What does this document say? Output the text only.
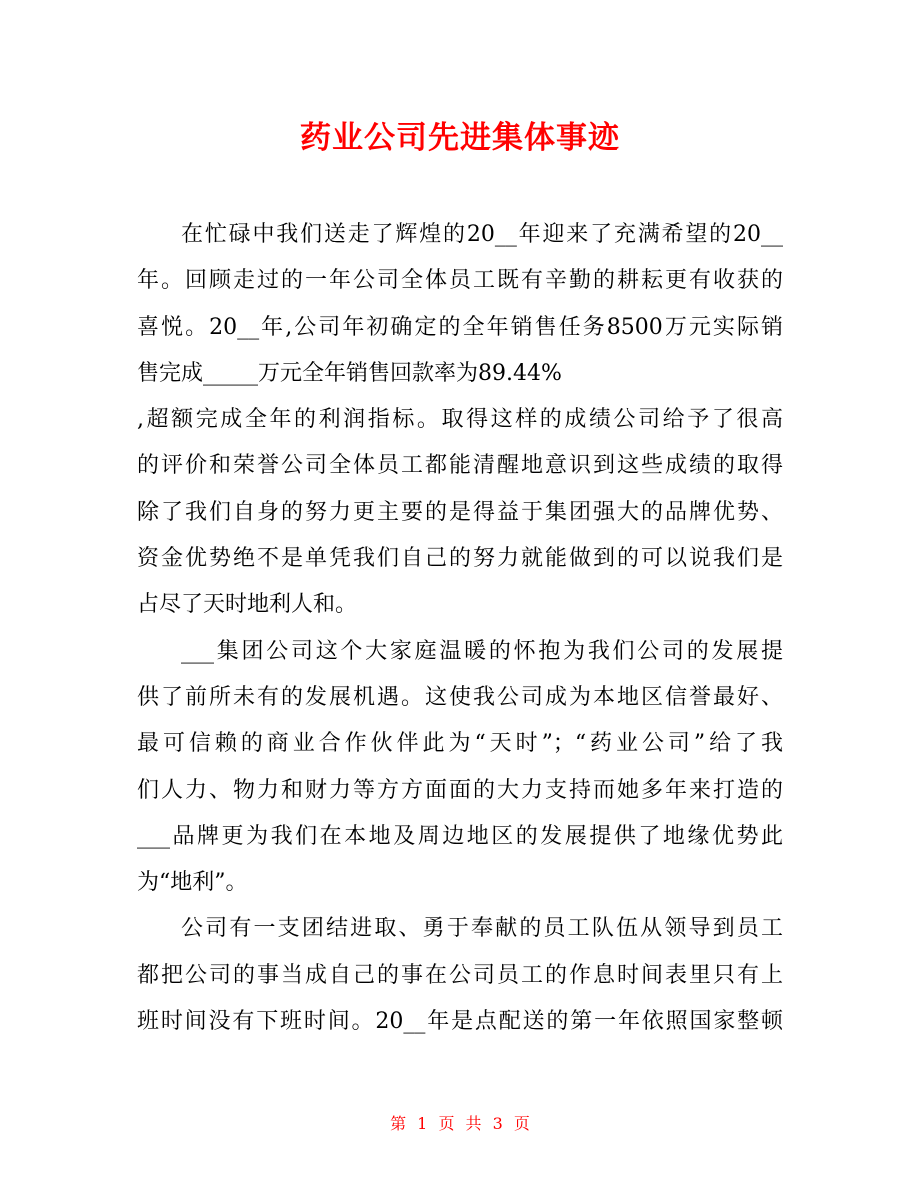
药业公司先进集体事迹
在忙碌中我们送走了辉煌的20__年迎来了充满希望的20__
年。回顾走过的一年公司全体员工既有辛勤的耕耘更有收获的
喜悦。20__年,公司年初确定的全年销售任务8500万元实际销
售完成_____万元全年销售回款率为89.44%
,超额完成全年的利润指标。取得这样的成绩公司给予了很高
的评价和荣誉公司全体员工都能清醒地意识到这些成绩的取得
除了我们自身的努力更主要的是得益于集团强大的品牌优势、
资金优势绝不是单凭我们自己的努力就能做到的可以说我们是
占尽了天时地利人和。
___集团公司这个大家庭温暖的怀抱为我们公司的发展提
供了前所未有的发展机遇。这使我公司成为本地区信誉最好、
最可信赖的商业合作伙伴此为“天时”；“药业公司”给了我
们人力、物力和财力等方方面面的大力支持而她多年来打造的
___品牌更为我们在本地及周边地区的发展提供了地缘优势此
为“地利”。
公司有一支团结进取、勇于奉献的员工队伍从领导到员工
都把公司的事当成自己的事在公司员工的作息时间表里只有上
班时间没有下班时间。20__年是点配送的第一年依照国家整顿
第 1 页 共 3 页
